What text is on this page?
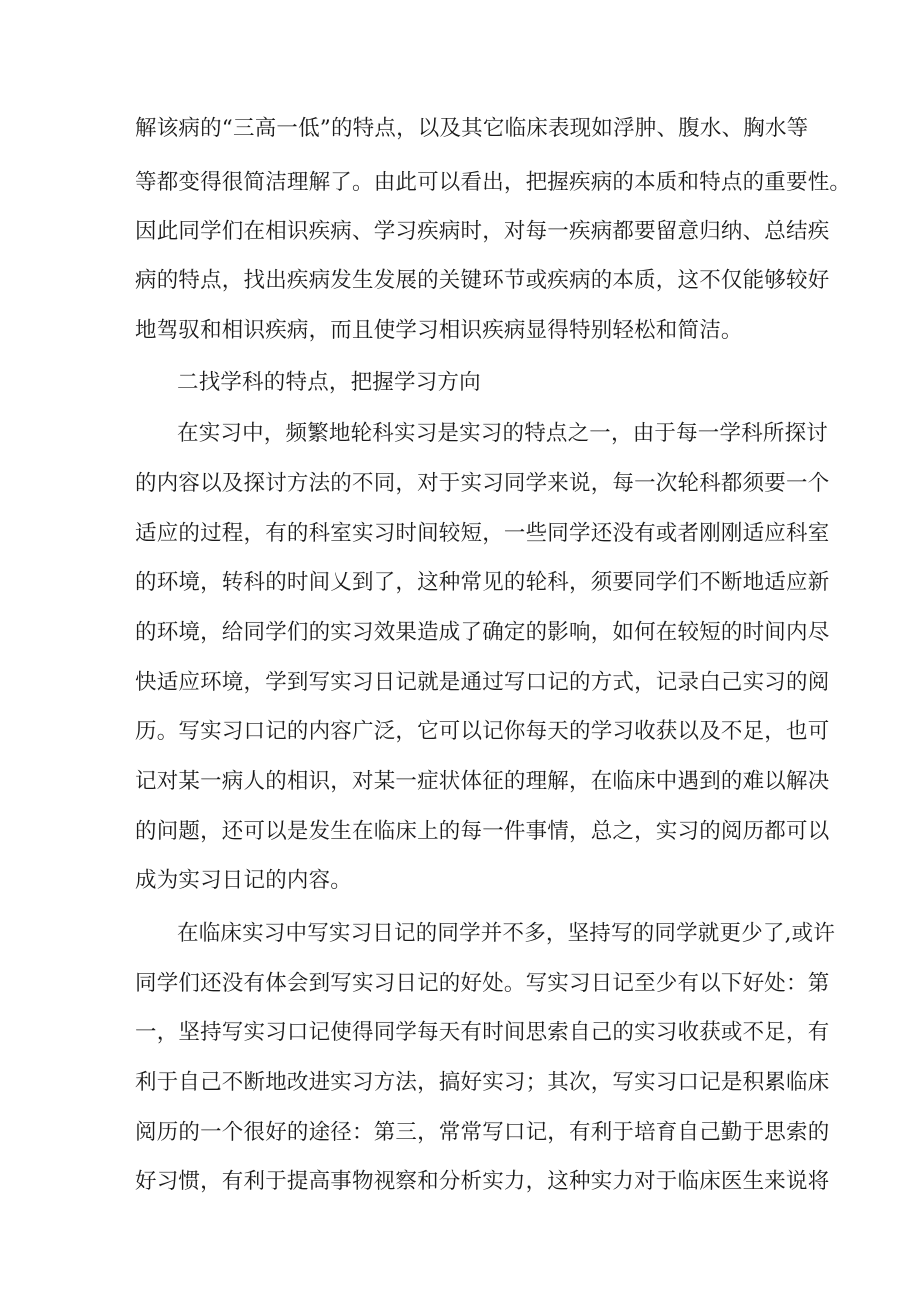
解该病的“三高一低”的特点，以及其它临床表现如浮肿、腹水、胸水等
等都变得很简洁理解了。由此可以看出，把握疾病的本质和特点的重要性。
因此同学们在相识疾病、学习疾病时，对每一疾病都要留意归纳、总结疾
病的特点，找出疾病发生发展的关键环节或疾病的本质，这不仅能够较好
地驾驭和相识疾病，而且使学习相识疾病显得特别轻松和简洁。
二找学科的特点，把握学习方向
在实习中，频繁地轮科实习是实习的特点之一，由于每一学科所探讨
的内容以及探讨方法的不同，对于实习同学来说，每一次轮科都须要一个
适应的过程，有的科室实习时间较短，一些同学还没有或者刚刚适应科室
的环境，转科的时间乂到了，这种常见的轮科，须要同学们不断地适应新
的环境，给同学们的实习效果造成了确定的影响，如何在较短的时间内尽
快适应环境，学到写实习日记就是通过写口记的方式，记录白己实习的阅
历。写实习口记的内容广泛，它可以记你每天的学习收获以及不足，也可
记对某一病人的相识，对某一症状体征的理解，在临床中遇到的难以解决
的问题，还可以是发生在临床上的每一件事情，总之，实习的阅历都可以
成为实习日记的内容。
在临床实习中写实习日记的同学并不多，坚持写的同学就更少了,或许
同学们还没有体会到写实习日记的好处。写实习日记至少有以下好处：第
一，坚持写实习口记使得同学每天有时间思索自己的实习收获或不足，有
利于自己不断地改进实习方法，搞好实习；其次，写实习口记是积累临床
阅历的一个很好的途径：第三，常常写口记，有利于培育自己勤于思索的
好习惯，有利于提高事物视察和分析实力，这种实力对于临床医生来说将
